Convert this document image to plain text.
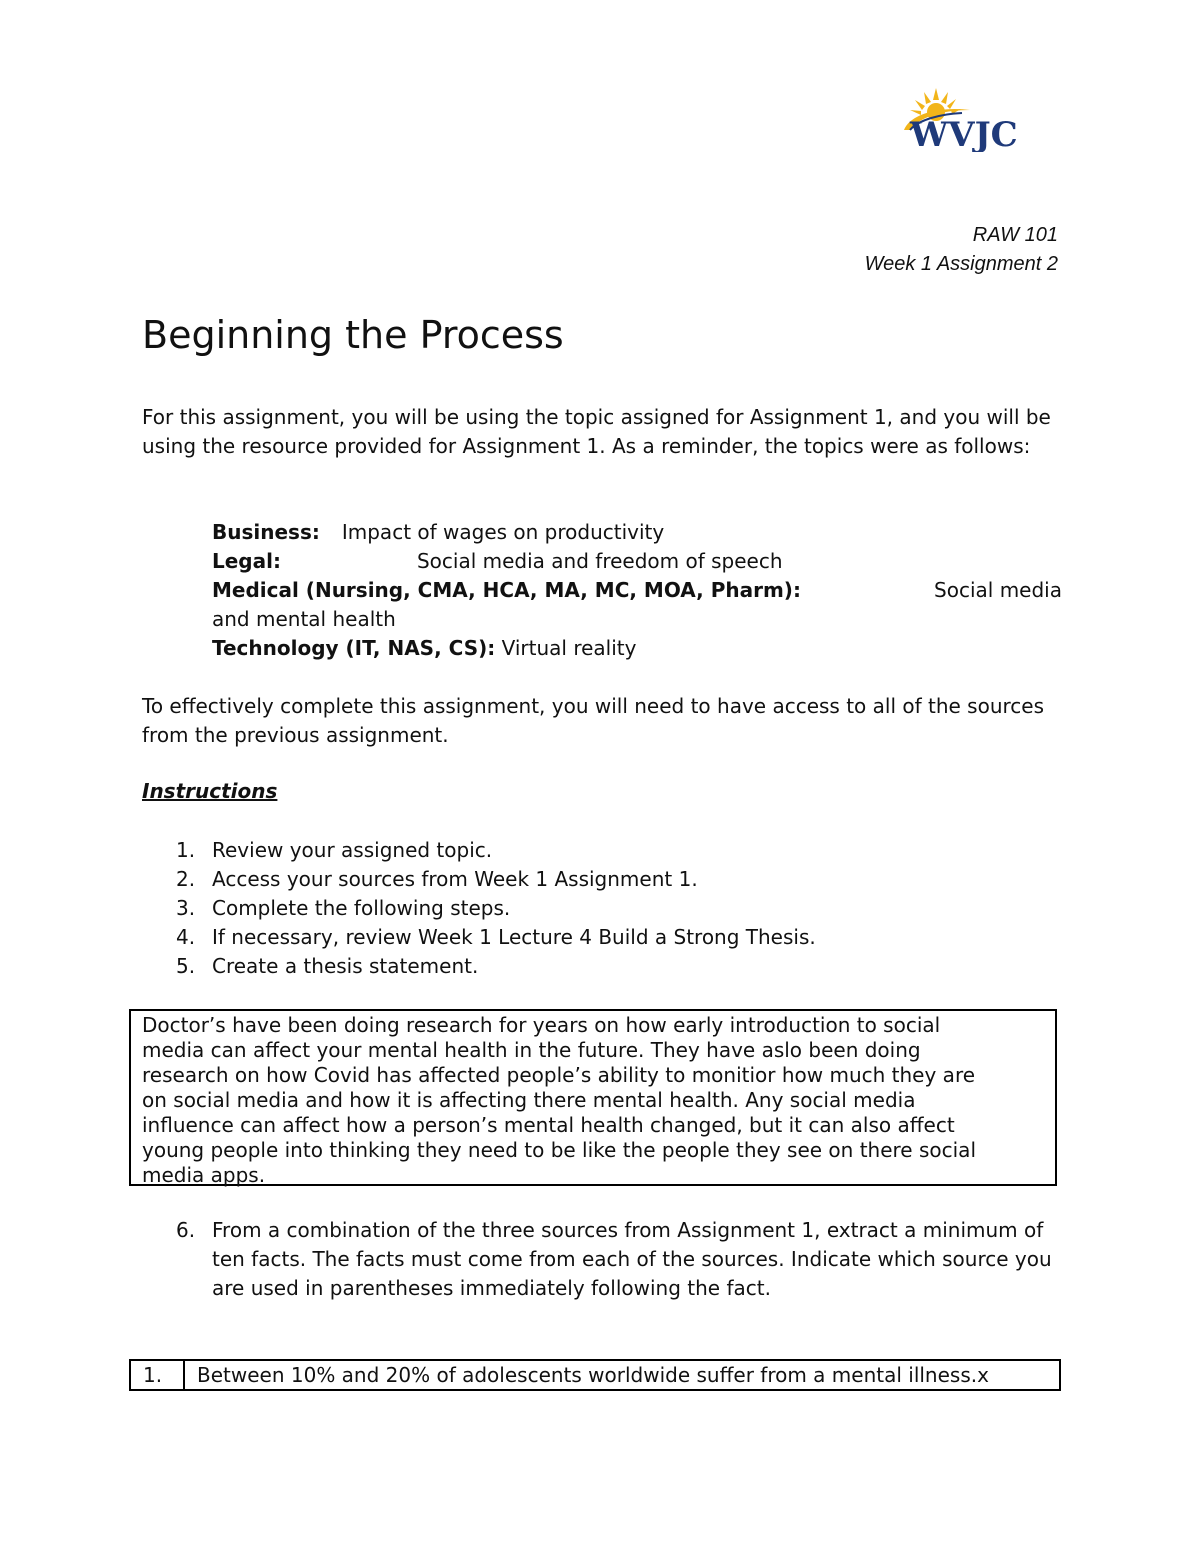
WVJC
RAW 101
Week 1 Assignment 2
Beginning the Process

For this assignment, you will be using the topic assigned for Assignment 1, and you will be using the resource provided for Assignment 1. As a reminder, the topics were as follows:

Business: Impact of wages on productivity
Legal:	Social media and freedom of speech
Medical (Nursing, CMA, HCA, MA, MC, MOA, Pharm):	Social media
and mental health
Technology (IT, NAS, CS): Virtual reality

To effectively complete this assignment, you will need to have access to all of the sources from the previous assignment.

Instructions

1. Review your assigned topic.
2. Access your sources from Week 1 Assignment 1.
3. Complete the following steps.
4. If necessary, review Week 1 Lecture 4 Build a Strong Thesis.
5. Create a thesis statement.
Doctor’s have been doing research for years on how early introduction to social
media can affect your mental health in the future. They have aslo been doing
research on how Covid has affected people’s ability to monitior how much they are
on social media and how it is affecting there mental health. Any social media
influence can affect how a person’s mental health changed, but it can also affect
young people into thinking they need to be like the people they see on there social
media apps.
6. From a combination of the three sources from Assignment 1, extract a minimum of ten facts. The facts must come from each of the sources. Indicate which source you are used in parentheses immediately following the fact.
1.	Between 10% and 20% of adolescents worldwide suffer from a mental illness.x
